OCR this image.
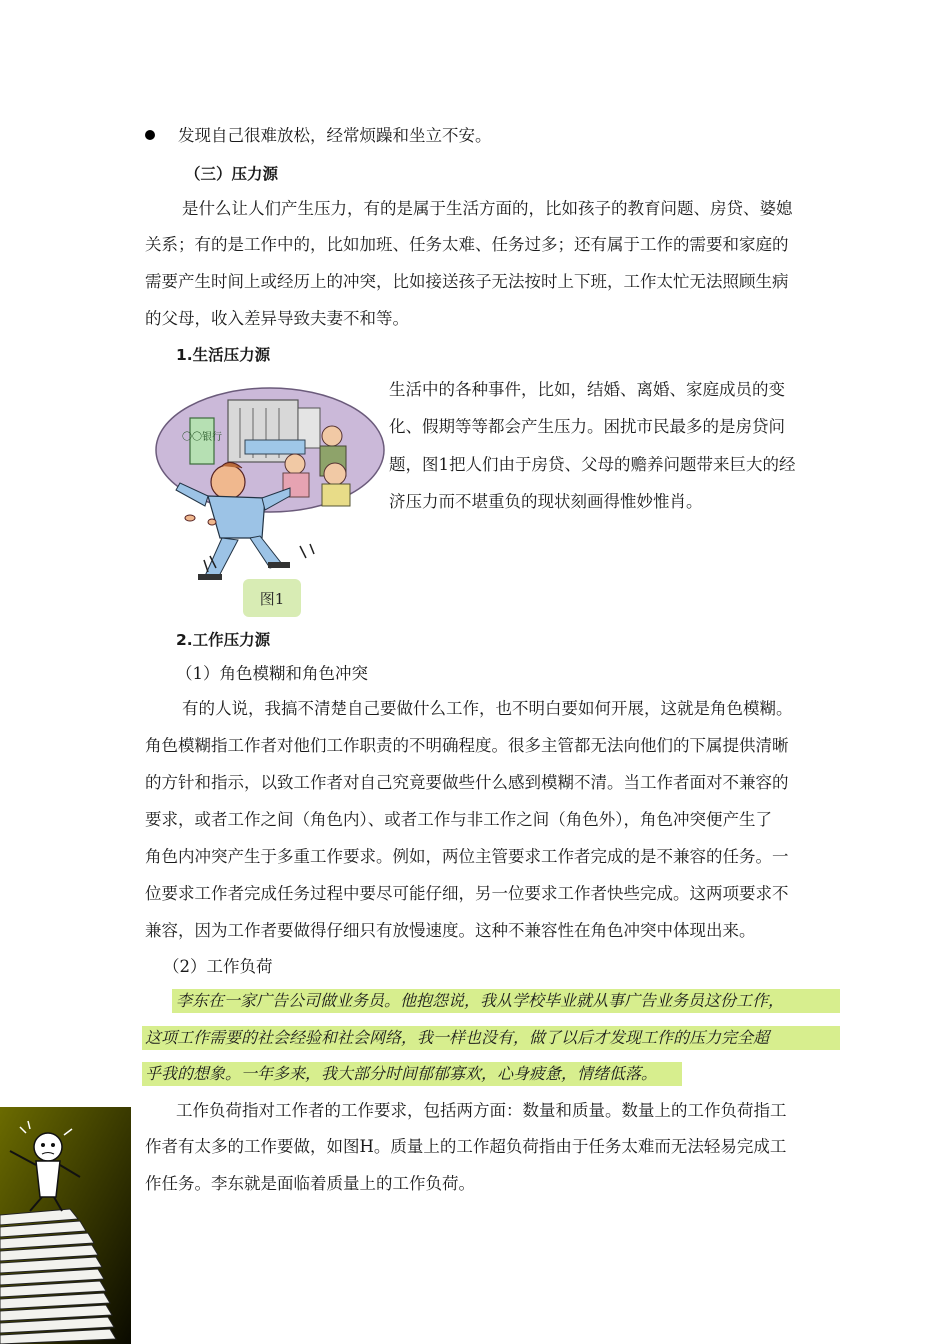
发现自己很难放松，经常烦躁和坐立不安。
（三）压力源
是什么让人们产生压力，有的是属于生活方面的，比如孩子的教育问题、房贷、婆媳
关系；有的是工作中的，比如加班、任务太难、任务过多；还有属于工作的需要和家庭的
需要产生时间上或经历上的冲突，比如接送孩子无法按时上下班，工作太忙无法照顾生病
的父母，收入差异导致夫妻不和等。
1.生活压力源
〇〇银行
图1
生活中的各种事件，比如，结婚、离婚、家庭成员的变
化、假期等等都会产生压力。困扰市民最多的是房贷问
题，图1把人们由于房贷、父母的赡养问题带来巨大的经
济压力而不堪重负的现状刻画得惟妙惟肖。
2.工作压力源
（1）角色模糊和角色冲突
有的人说，我搞不清楚自己要做什么工作，也不明白要如何开展，这就是角色模糊。
角色模糊指工作者对他们工作职责的不明确程度。很多主管都无法向他们的下属提供清晰
的方针和指示，以致工作者对自己究竟要做些什么感到模糊不清。当工作者面对不兼容的
要求，或者工作之间（角色内）、或者工作与非工作之间（角色外），角色冲突便产生了
角色内冲突产生于多重工作要求。例如，两位主管要求工作者完成的是不兼容的任务。一
位要求工作者完成任务过程中要尽可能仔细，另一位要求工作者快些完成。这两项要求不
兼容，因为工作者要做得仔细只有放慢速度。这种不兼容性在角色冲突中体现出来。
（2）工作负荷
李东在一家广告公司做业务员。他抱怨说，我从学校毕业就从事广告业务员这份工作，
这项工作需要的社会经验和社会网络，我一样也没有，做了以后才发现工作的压力完全超
乎我的想象。一年多来，我大部分时间郁郁寡欢，心身疲惫，情绪低落。
工作负荷指对工作者的工作要求，包括两方面：数量和质量。数量上的工作负荷指工
作者有太多的工作要做，如图H。质量上的工作超负荷指由于任务太难而无法轻易完成工
作任务。李东就是面临着质量上的工作负荷。
